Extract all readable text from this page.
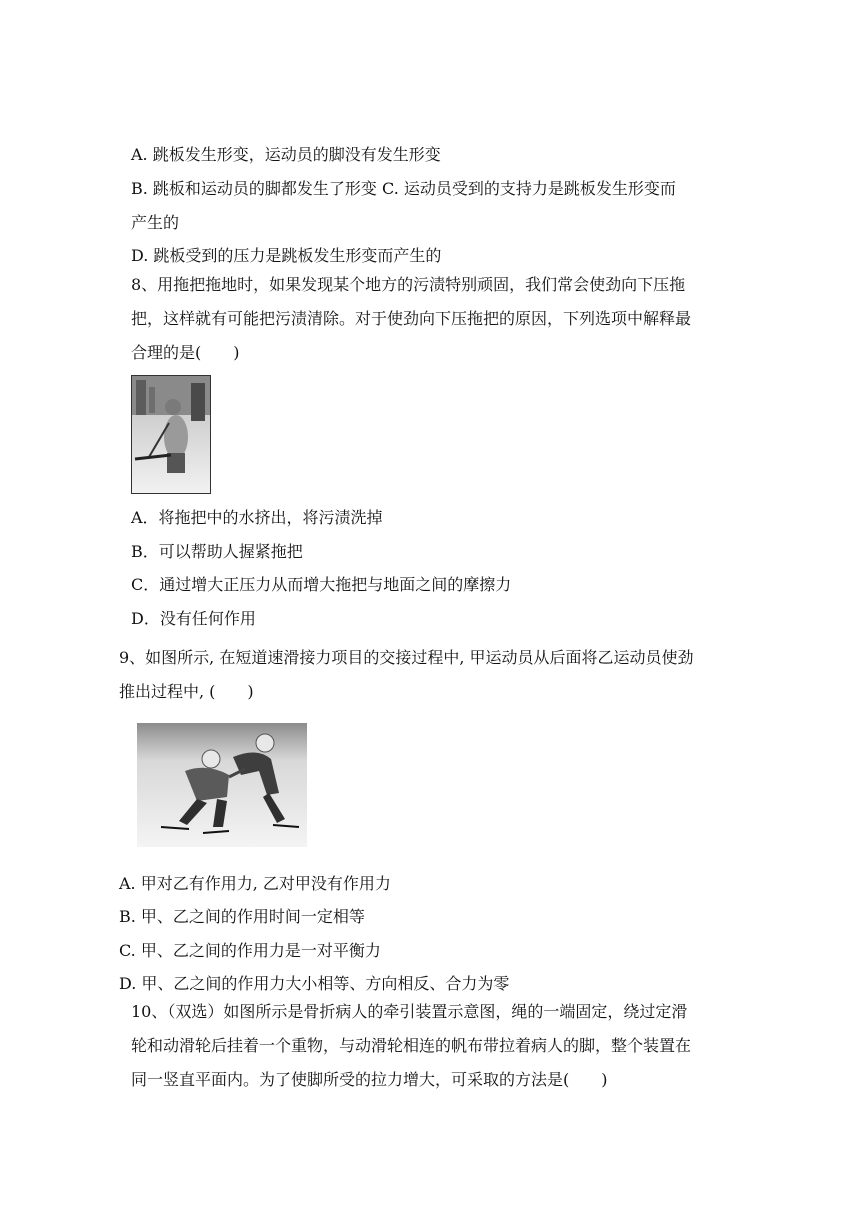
A. 跳板发生形变，运动员的脚没有发生形变
B. 跳板和运动员的脚都发生了形变 C. 运动员受到的支持力是跳板发生形变而
产生的
D. 跳板受到的压力是跳板发生形变而产生的
8、用拖把拖地时，如果发现某个地方的污渍特别顽固，我们常会使劲向下压拖
把，这样就有可能把污渍清除。对于使劲向下压拖把的原因，下列选项中解释最
合理的是(　　)
A．将拖把中的水挤出，将污渍洗掉
B．可以帮助人握紧拖把
C．通过增大正压力从而增大拖把与地面之间的摩擦力
D．没有任何作用
9、如图所示, 在短道速滑接力项目的交接过程中, 甲运动员从后面将乙运动员使劲
推出过程中, (　　)
A. 甲对乙有作用力, 乙对甲没有作用力
B. 甲、乙之间的作用时间一定相等
C. 甲、乙之间的作用力是一对平衡力
D. 甲、乙之间的作用力大小相等、方向相反、合力为零
10、（双选）如图所示是骨折病人的牵引装置示意图，绳的一端固定，绕过定滑
轮和动滑轮后挂着一个重物，与动滑轮相连的帆布带拉着病人的脚，整个装置在
同一竖直平面内。为了使脚所受的拉力增大，可采取的方法是(　　)
